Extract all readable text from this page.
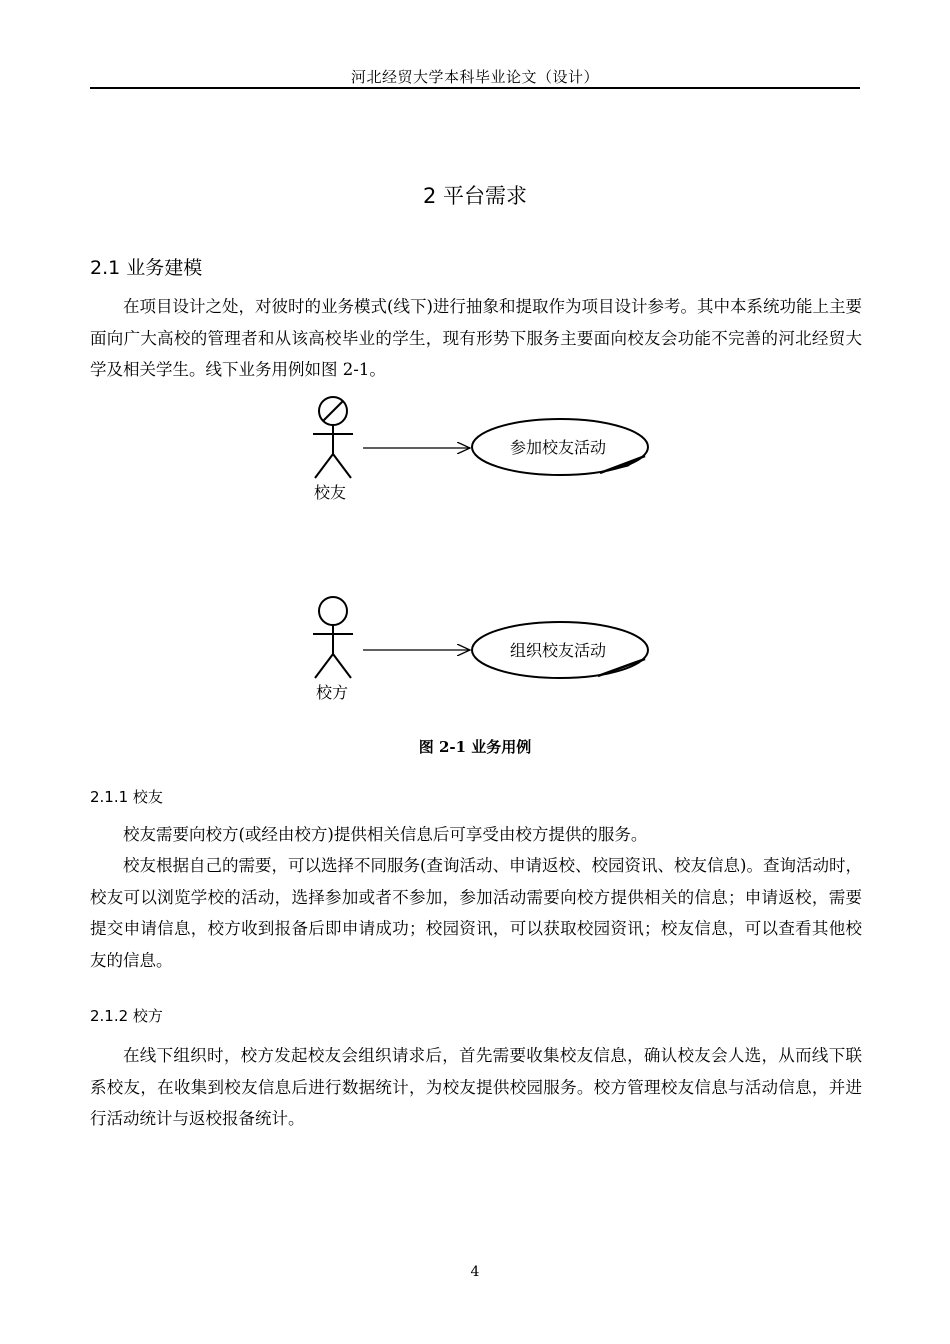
河北经贸大学本科毕业论文（设计）
2 平台需求
2.1 业务建模

在项目设计之处，对彼时的业务模式(线下)进行抽象和提取作为项目设计参考。其中本系统功能上主要面向广大高校的管理者和从该高校毕业的学生，现有形势下服务主要面向校友会功能不完善的河北经贸大学及相关学生。线下业务用例如图 2-1。

校友
参加校友活动
校方
组织校友活动
图 2-1 业务用例
2.1.1 校友

校友需要向校方(或经由校方)提供相关信息后可享受由校方提供的服务。

校友根据自己的需要，可以选择不同服务(查询活动、申请返校、校园资讯、校友信息)。查询活动时，校友可以浏览学校的活动，选择参加或者不参加，参加活动需要向校方提供相关的信息；申请返校，需要提交申请信息，校方收到报备后即申请成功；校园资讯，可以获取校园资讯；校友信息，可以查看其他校友的信息。

2.1.2 校方

在线下组织时，校方发起校友会组织请求后，首先需要收集校友信息，确认校友会人选，从而线下联系校友，在收集到校友信息后进行数据统计，为校友提供校园服务。校方管理校友信息与活动信息，并进行活动统计与返校报备统计。

4
